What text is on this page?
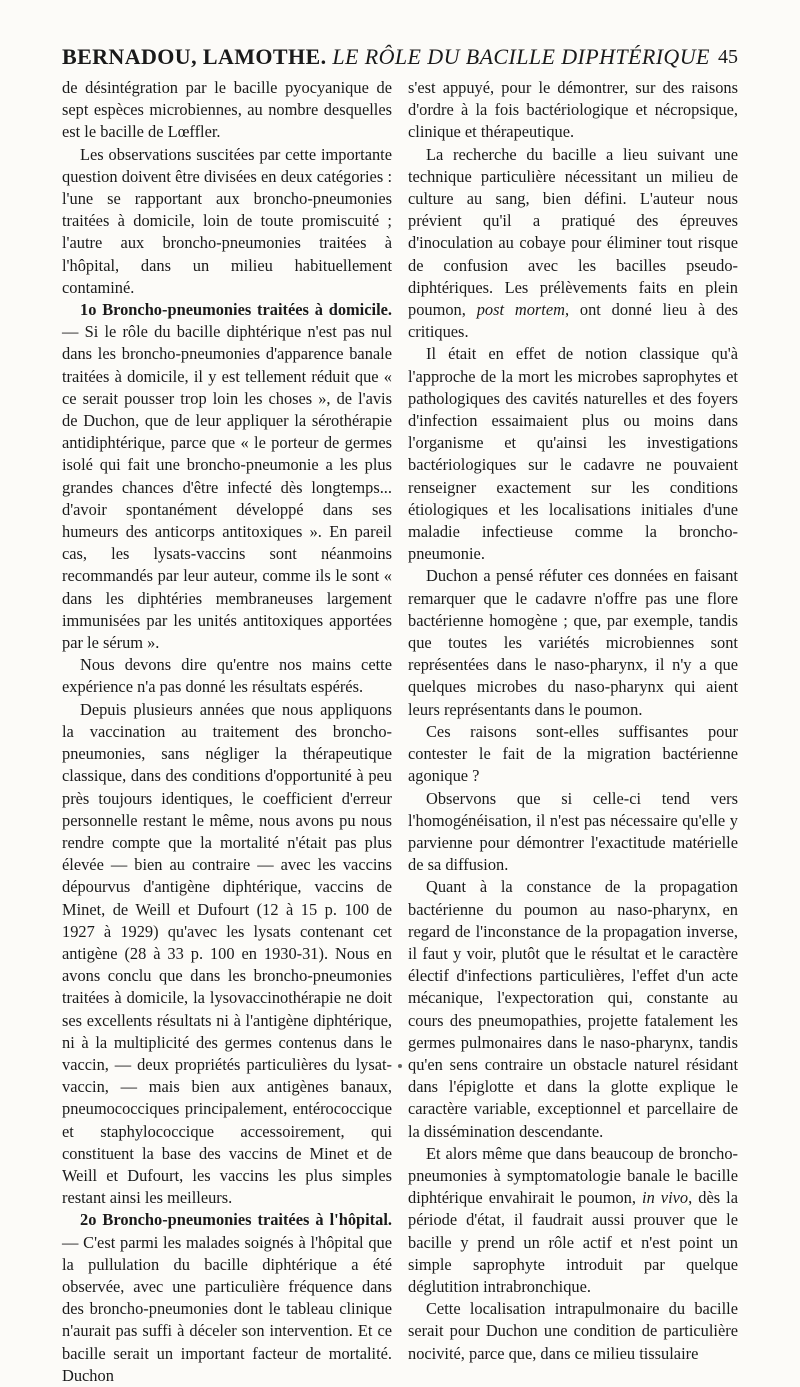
BERNADOU, LAMOTHE. LE RÔLE DU BACILLE DIPHTÉRIQUE 45

de désintégration par le bacille pyocyanique de sept espèces microbiennes, au nombre desquelles est le bacille de Lœffler.

Les observations suscitées par cette importante question doivent être divisées en deux catégories : l'une se rapportant aux broncho-pneumonies traitées à domicile, loin de toute promiscuité ; l'autre aux broncho-pneumonies traitées à l'hôpital, dans un milieu habituellement contaminé.

1o Broncho-pneumonies traitées à domicile.— Si le rôle du bacille diphtérique n'est pas nul dans les broncho-pneumonies d'apparence banale traitées à domicile, il y est tellement réduit que « ce serait pousser trop loin les choses », de l'avis de Duchon, que de leur appliquer la sérothérapie antidiphtérique, parce que « le porteur de germes isolé qui fait une broncho-pneumonie a les plus grandes chances d'être infecté dès longtemps... d'avoir spontanément développé dans ses humeurs des anticorps antitoxiques ». En pareil cas, les lysats-vaccins sont néanmoins recommandés par leur auteur, comme ils le sont « dans les diphtéries membraneuses largement immunisées par les unités antitoxiques apportées par le sérum ».

Nous devons dire qu'entre nos mains cette expérience n'a pas donné les résultats espérés.

Depuis plusieurs années que nous appliquons la vaccination au traitement des broncho-pneumonies, sans négliger la thérapeutique classique, dans des conditions d'opportunité à peu près toujours identiques, le coefficient d'erreur personnelle restant le même, nous avons pu nous rendre compte que la mortalité n'était pas plus élevée — bien au contraire — avec les vaccins dépourvus d'antigène diphtérique, vaccins de Minet, de Weill et Dufourt (12 à 15 p. 100 de 1927 à 1929) qu'avec les lysats contenant cet antigène (28 à 33 p. 100 en 1930-31). Nous en avons conclu que dans les broncho-pneumonies traitées à domicile, la lysovaccinothérapie ne doit ses excellents résultats ni à l'antigène diphtérique, ni à la multiplicité des germes contenus dans le vaccin, — deux propriétés particulières du lysat-vaccin, — mais bien aux antigènes banaux, pneumococciques principalement, entérococcique et staphylococcique accessoirement, qui constituent la base des vaccins de Minet et de Weill et Dufourt, les vaccins les plus simples restant ainsi les meilleurs.

2o Broncho-pneumonies traitées à l'hôpital.— C'est parmi les malades soignés à l'hôpital que la pullulation du bacille diphtérique a été observée, avec une particulière fréquence dans des broncho-pneumonies dont le tableau clinique n'aurait pas suffi à déceler son intervention. Et ce bacille serait un important facteur de mortalité. Duchon

s'est appuyé, pour le démontrer, sur des raisons d'ordre à la fois bactériologique et nécropsique, clinique et thérapeutique.

La recherche du bacille a lieu suivant une technique particulière nécessitant un milieu de culture au sang, bien défini. L'auteur nous prévient qu'il a pratiqué des épreuves d'inoculation au cobaye pour éliminer tout risque de confusion avec les bacilles pseudo-diphtériques. Les prélèvements faits en plein poumon, post mortem, ont donné lieu à des critiques.

Il était en effet de notion classique qu'à l'approche de la mort les microbes saprophytes et pathologiques des cavités naturelles et des foyers d'infection essaimaient plus ou moins dans l'organisme et qu'ainsi les investigations bactériologiques sur le cadavre ne pouvaient renseigner exactement sur les conditions étiologiques et les localisations initiales d'une maladie infectieuse comme la broncho-pneumonie.

Duchon a pensé réfuter ces données en faisant remarquer que le cadavre n'offre pas une flore bactérienne homogène ; que, par exemple, tandis que toutes les variétés microbiennes sont représentées dans le naso-pharynx, il n'y a que quelques microbes du naso-pharynx qui aient leurs représentants dans le poumon.

Ces raisons sont-elles suffisantes pour contester le fait de la migration bactérienne agonique ?

Observons que si celle-ci tend vers l'homogénéisation, il n'est pas nécessaire qu'elle y parvienne pour démontrer l'exactitude matérielle de sa diffusion.

Quant à la constance de la propagation bactérienne du poumon au naso-pharynx, en regard de l'inconstance de la propagation inverse, il faut y voir, plutôt que le résultat et le caractère électif d'infections particulières, l'effet d'un acte mécanique, l'expectoration qui, constante au cours des pneumopathies, projette fatalement les germes pulmonaires dans le naso-pharynx, tandis qu'en sens contraire un obstacle naturel résidant dans l'épiglotte et dans la glotte explique le caractère variable, exceptionnel et parcellaire de la dissémination descendante.

Et alors même que dans beaucoup de broncho-pneumonies à symptomatologie banale le bacille diphtérique envahirait le poumon, in vivo, dès la période d'état, il faudrait aussi prouver que le bacille y prend un rôle actif et n'est point un simple saprophyte introduit par quelque déglutition intrabronchique.

Cette localisation intrapulmonaire du bacille serait pour Duchon une condition de particulière nocivité, parce que, dans ce milieu tissulaire
